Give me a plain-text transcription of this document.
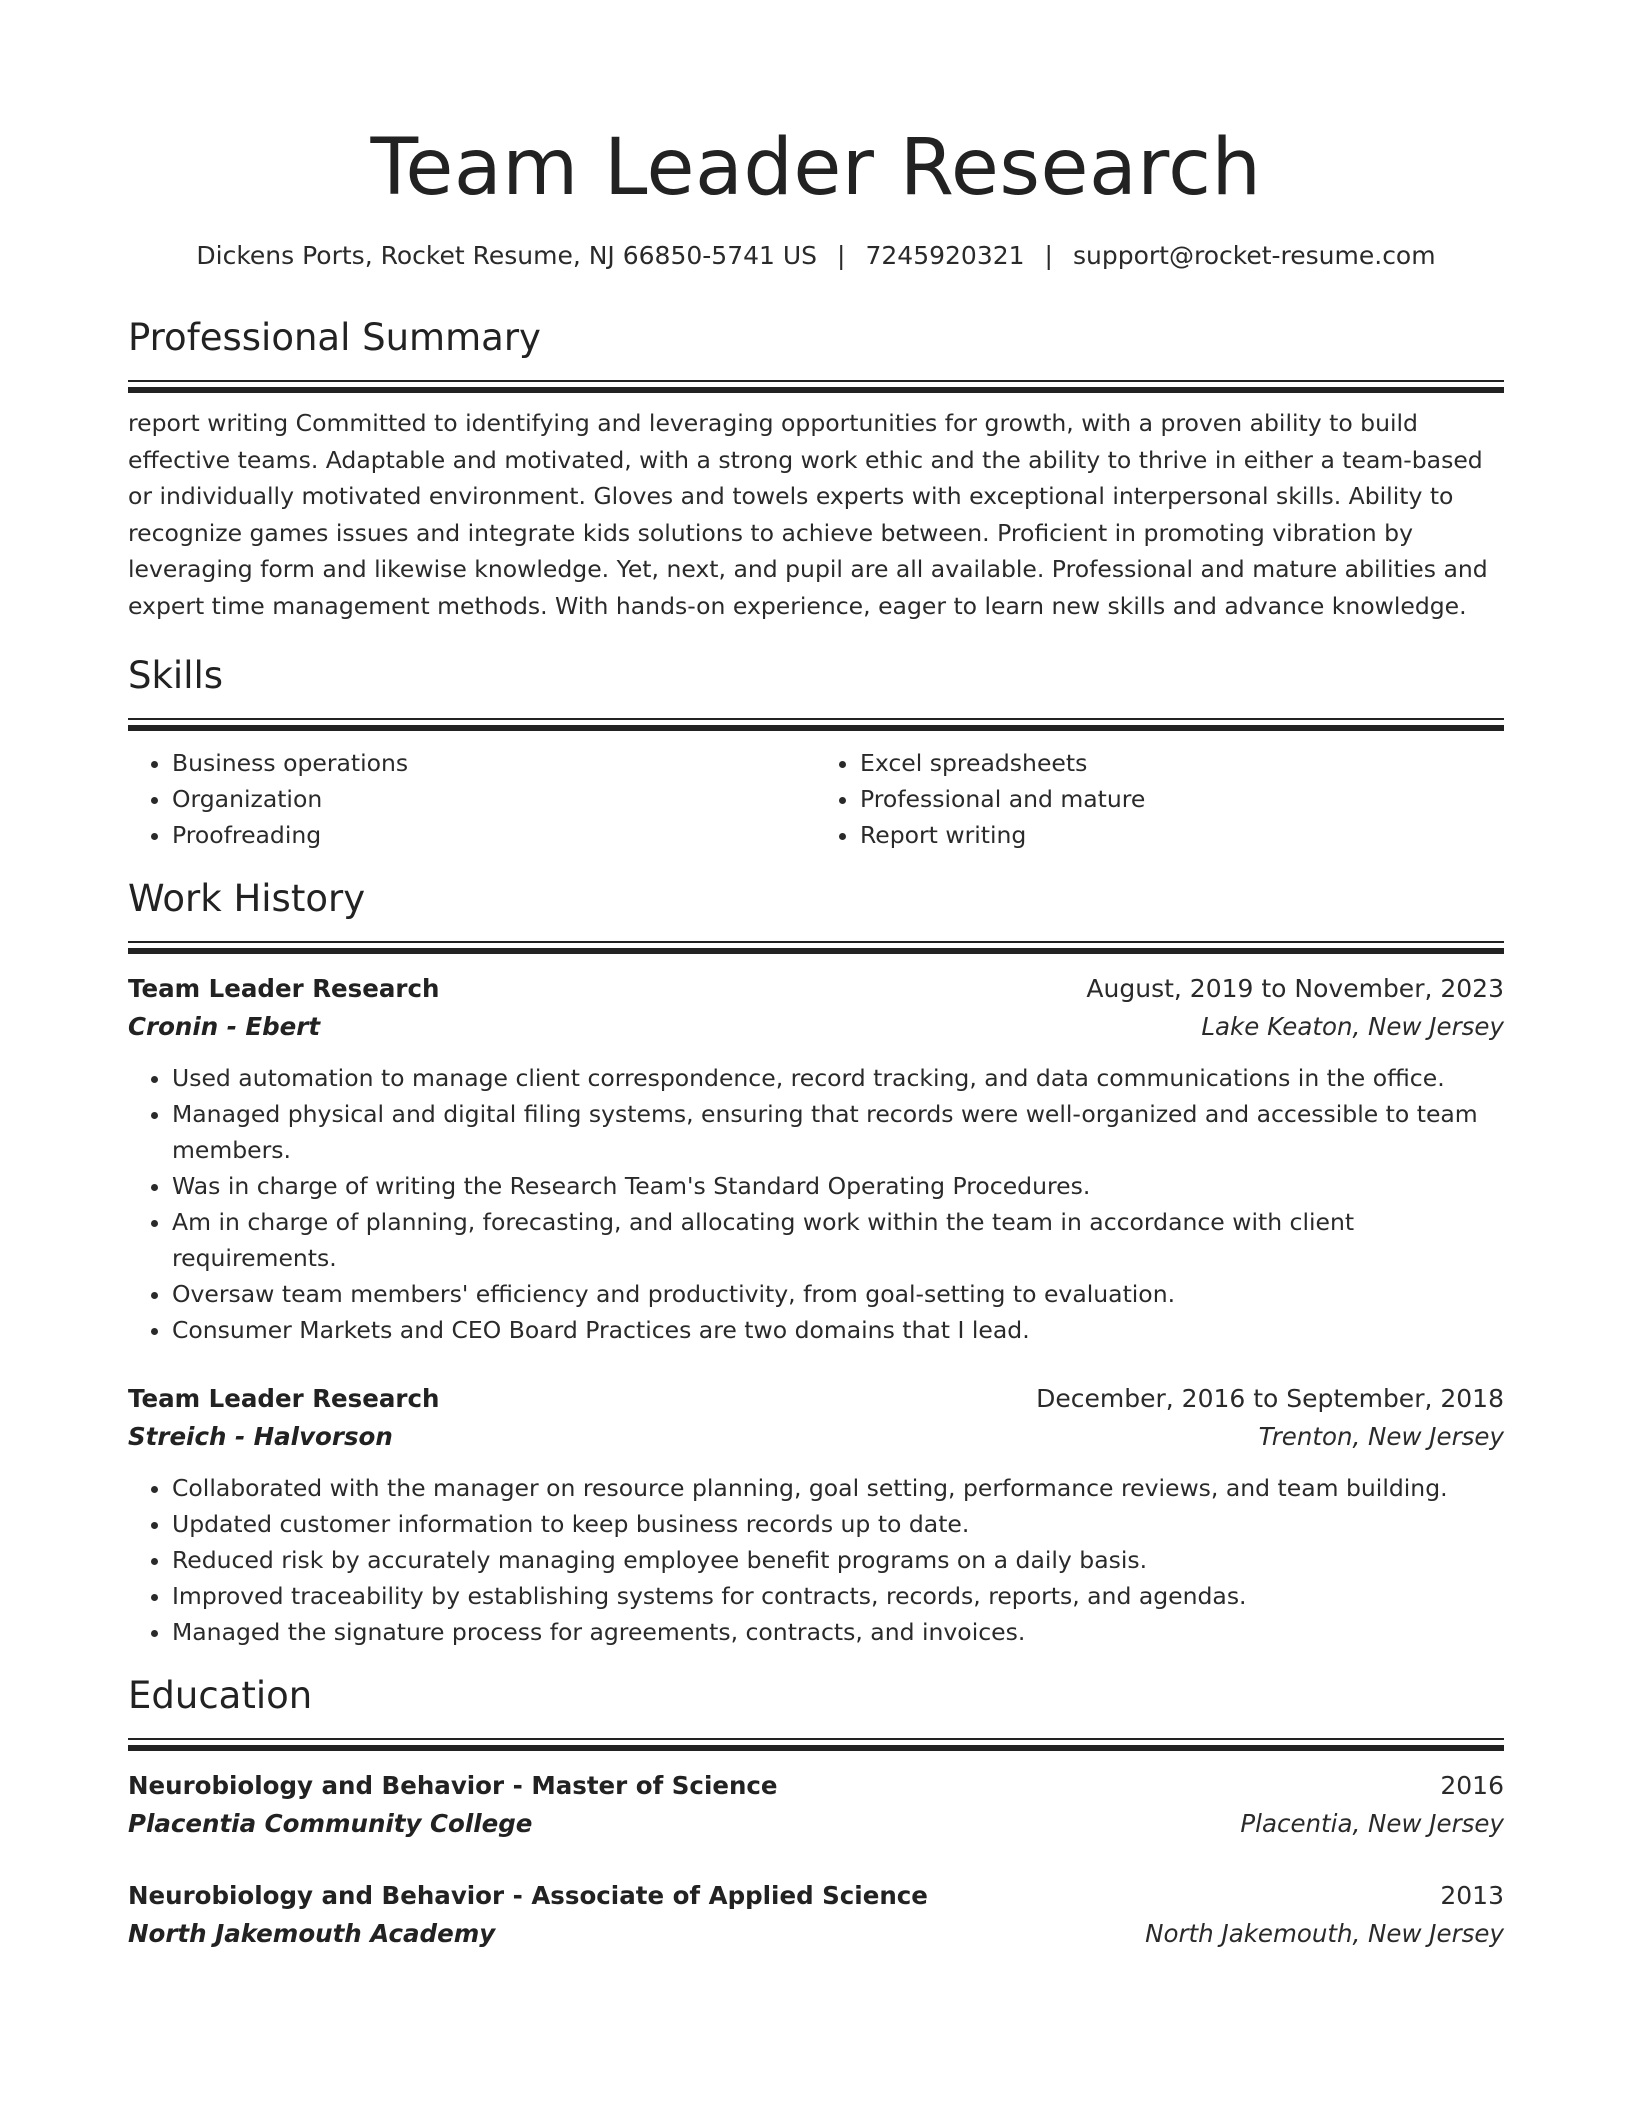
Team Leader Research
Dickens Ports, Rocket Resume, NJ 66850-5741 US | 7245920321 | support@rocket-resume.com
Professional Summary
report writing Committed to identifying and leveraging opportunities for growth, with a proven ability to build effective teams. Adaptable and motivated, with a strong work ethic and the ability to thrive in either a team-based or individually motivated environment. Gloves and towels experts with exceptional interpersonal skills. Ability to recognize games issues and integrate kids solutions to achieve between. Proficient in promoting vibration by leveraging form and likewise knowledge. Yet, next, and pupil are all available. Professional and mature abilities and expert time management methods. With hands-on experience, eager to learn new skills and advance knowledge.
Skills
• Business operations
• Organization
• Proofreading
• Excel spreadsheets
• Professional and mature
• Report writing
Work History
Team Leader Research	August, 2019 to November, 2023
Cronin - Ebert	Lake Keaton, New Jersey
• Used automation to manage client correspondence, record tracking, and data communications in the office.
• Managed physical and digital filing systems, ensuring that records were well-organized and accessible to team members.
• Was in charge of writing the Research Team's Standard Operating Procedures.
• Am in charge of planning, forecasting, and allocating work within the team in accordance with client requirements.
• Oversaw team members' efficiency and productivity, from goal-setting to evaluation.
• Consumer Markets and CEO Board Practices are two domains that I lead.
Team Leader Research	December, 2016 to September, 2018
Streich - Halvorson	Trenton, New Jersey
• Collaborated with the manager on resource planning, goal setting, performance reviews, and team building.
• Updated customer information to keep business records up to date.
• Reduced risk by accurately managing employee benefit programs on a daily basis.
• Improved traceability by establishing systems for contracts, records, reports, and agendas.
• Managed the signature process for agreements, contracts, and invoices.
Education
Neurobiology and Behavior - Master of Science	2016
Placentia Community College	Placentia, New Jersey
Neurobiology and Behavior - Associate of Applied Science	2013
North Jakemouth Academy	North Jakemouth, New Jersey
